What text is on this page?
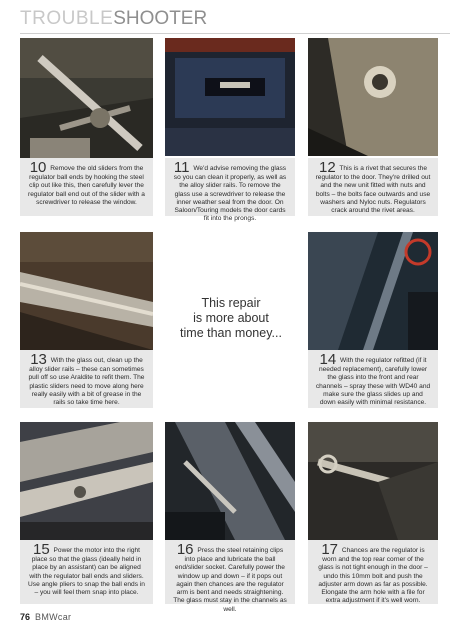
TROUBLESHOOTER
10 Remove the old sliders from the regulator ball ends by hooking the steel clip out like this, then carefully lever the regulator ball end out of the slider with a screwdriver to release the window.
11 We'd advise removing the glass so you can clean it properly, as well as the alloy slider rails. To remove the glass use a screwdriver to release the inner weather seal from the door. On Saloon/Touring models the door cards fit into the prongs.
12 This is a rivet that secures the regulator to the door. They're drilled out and the new unit fitted with nuts and bolts – the bolts face outwards and use washers and Nyloc nuts. Regulators crack around the rivet areas.
This repair
is more about
time than money...
13 With the glass out, clean up the alloy slider rails – these can sometimes pull off so use Araldite to refit them. The plastic sliders need to move along here really easily with a bit of grease in the rails so take time here.
14 With the regulator refitted (if it needed replacement), carefully lower the glass into the front and rear channels – spray these with WD40 and make sure the glass slides up and down easily with minimal resistance.
15 Power the motor into the right place so that the glass (ideally held in place by an assistant) can be aligned with the regulator ball ends and sliders. Use angle pliers to snap the ball ends in – you will feel them snap into place.
16 Press the steel retaining clips into place and lubricate the ball end/slider socket. Carefully power the window up and down – if it pops out again then chances are the regulator arm is bent and needs straightening. The glass must stay in the channels as well.
17 Chances are the regulator is worn and the top rear corner of the glass is not tight enough in the door – undo this 10mm bolt and push the adjuster arm down as far as possible. Elongate the arm hole with a file for extra adjustment if it's well worn.
76 BMWcar
